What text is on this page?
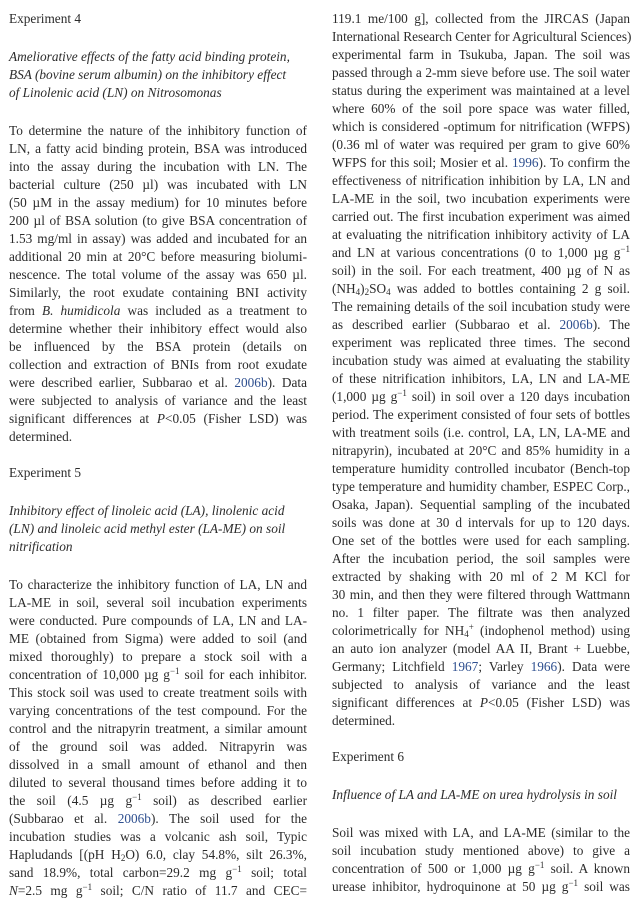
Experiment 4
Ameliorative effects of the fatty acid binding protein,
BSA (bovine serum albumin) on the inhibitory effect
of Linolenic acid (LN) on Nitrosomonas
To determine the nature of the inhibitory function of
LN, a fatty acid binding protein, BSA was introduced
into the assay during the incubation with LN. The
bacterial culture (250 µl) was incubated with LN
(50 µM in the assay medium) for 10 minutes before
200 µl of BSA solution (to give BSA concentration of
1.53 mg/ml in assay) was added and incubated for an
additional 20 min at 20°C before measuring biolumi-
nescence. The total volume of the assay was 650 µl.
Similarly, the root exudate containing BNI activity
from B. humidicola was included as a treatment to
determine whether their inhibitory effect would also
be influenced by the BSA protein (details on
collection and extraction of BNIs from root exudate
were described earlier, Subbarao et al. 2006b). Data
were subjected to analysis of variance and the least
significant differences at P<0.05 (Fisher LSD) was
determined.
Experiment 5
Inhibitory effect of linoleic acid (LA), linolenic acid
(LN) and linoleic acid methyl ester (LA-ME) on soil
nitrification
To characterize the inhibitory function of LA, LN and
LA-ME in soil, several soil incubation experiments
were conducted. Pure compounds of LA, LN and LA-
ME (obtained from Sigma) were added to soil (and
mixed thoroughly) to prepare a stock soil with a
concentration of 10,000 µg $g^{-1}$ soil for each inhibitor.
This stock soil was used to create treatment soils with
varying concentrations of the test compound. For the
control and the nitrapyrin treatment, a similar amount
of the ground soil was added. Nitrapyrin was
dissolved in a small amount of ethanol and then
diluted to several thousand times before adding it to
the soil (4.5 µg $g^{-1}$ soil) as described earlier
(Subbarao et al. 2006b). The soil used for the
incubation studies was a volcanic ash soil, Typic
Hapludands [(pH $H_2O$) 6.0, clay 54.8%, silt 26.3%,
sand 18.9%, total carbon=29.2 mg $g^{-1}$ soil; total
N=2.5 mg $g^{-1}$ soil; C/N ratio of 11.7 and CEC=
119.1 me/100 g], collected from the JIRCAS (Japan
International Research Center for Agricultural Sciences)
experimental farm in Tsukuba, Japan. The soil was
passed through a 2-mm sieve before use. The soil water
status during the experiment was maintained at a level
where 60% of the soil pore space was water filled,
which is considered -optimum for nitrification (WFPS)
(0.36 ml of water was required per gram to give 60%
WFPS for this soil; Mosier et al. 1996). To confirm the
effectiveness of nitrification inhibition by LA, LN and
LA-ME in the soil, two incubation experiments were
carried out. The first incubation experiment was aimed
at evaluating the nitrification inhibitory activity of LA
and LN at various concentrations (0 to 1,000 µg $g^{-1}$
soil) in the soil. For each treatment, 400 µg of N as
$(NH_4)_2SO_4$ was added to bottles containing 2 g soil.
The remaining details of the soil incubation study were
as described earlier (Subbarao et al. 2006b). The
experiment was replicated three times. The second
incubation study was aimed at evaluating the stability
of these nitrification inhibitors, LA, LN and LA-ME
(1,000 µg $g^{-1}$ soil) in soil over a 120 days incubation
period. The experiment consisted of four sets of bottles
with treatment soils (i.e. control, LA, LN, LA-ME and
nitrapyrin), incubated at 20°C and 85% humidity in a
temperature humidity controlled incubator (Bench-top
type temperature and humidity chamber, ESPEC Corp.,
Osaka, Japan). Sequential sampling of the incubated
soils was done at 30 d intervals for up to 120 days.
One set of the bottles were used for each sampling.
After the incubation period, the soil samples were
extracted by shaking with 20 ml of 2 M KCl for
30 min, and then they were filtered through Wattmann
no. 1 filter paper. The filtrate was then analyzed
colorimetrically for $NH_4^+$ (indophenol method) using
an auto ion analyzer (model AA II, Brant + Luebbe,
Germany; Litchfield 1967; Varley 1966). Data were
subjected to analysis of variance and the least
significant differences at P<0.05 (Fisher LSD) was
determined.
Experiment 6
Influence of LA and LA-ME on urea hydrolysis in soil
Soil was mixed with LA, and LA-ME (similar to the
soil incubation study mentioned above) to give a
concentration of 500 or 1,000 µg $g^{-1}$ soil. A known
urease inhibitor, hydroquinone at 50 µg $g^{-1}$ soil was
